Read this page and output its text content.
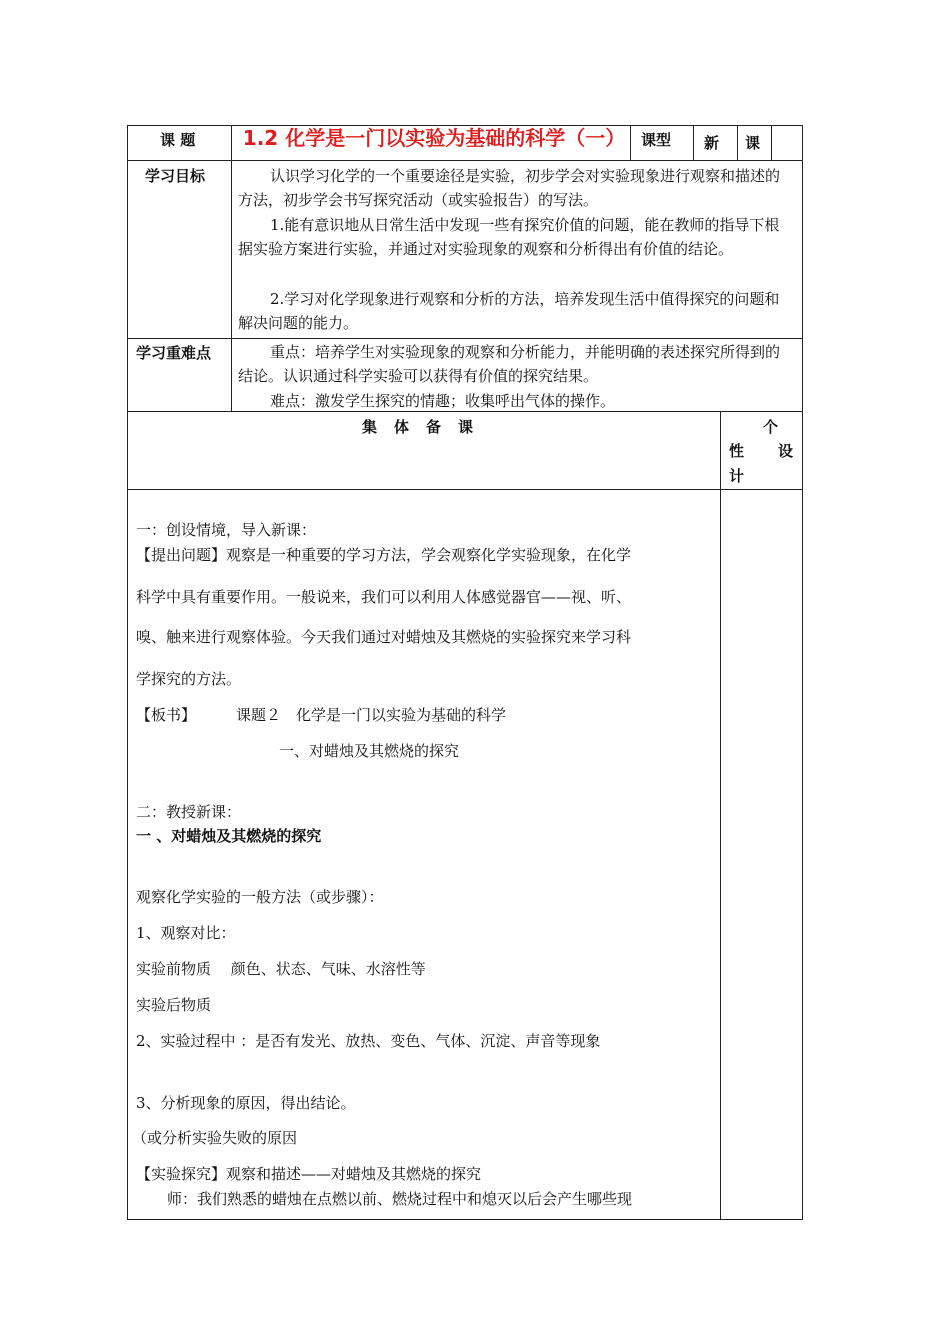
课 题 1.2 化学是一门以实验为基础的科学（一）	课型 新 课
学习目标	认识学习化学的一个重要途径是实验，初步学会对实验现象进行观察和描述的方法，初步学会书写探究活动（或实验报告）的写法。
1.能有意识地从日常生活中发现一些有探究价值的问题，能在教师的指导下根据实验方案进行实验，并通过对实验现象的观察和分析得出有价值的结论。
2.学习对化学现象进行观察和分析的方法，培养发现生活中值得探究的问题和解决问题的能力。
学习重难点	重点：培养学生对实验现象的观察和分析能力，并能明确的表述探究所得到的结论。认识通过科学实验可以获得有价值的探究结果。
难点：激发学生探究的情趣；收集呼出气体的操作。
集　体　备　课	个
性 设
计
一：创设情境，导入新课：
【提出问题】观察是一种重要的学习方法，学会观察化学实验现象，在化学
科学中具有重要作用。一般说来，我们可以利用人体感觉器官——视、听、
嗅、触来进行观察体验。今天我们通过对蜡烛及其燃烧的实验探究来学习科
学探究的方法。
【板书】	课题２　化学是一门以实验为基础的科学
一、对蜡烛及其燃烧的探究
二：教授新课：
一 、对蜡烛及其燃烧的探究
观察化学实验的一般方法（或步骤）：
1、观察对比：
实验前物质　 颜色、状态、气味、水溶性等
实验后物质
2、实验过程中 ：是否有发光、放热、变色、气体、沉淀、声音等现象
3、分析现象的原因，得出结论。
（或分析实验失败的原因
【实验探究】观察和描述——对蜡烛及其燃烧的探究
师：我们熟悉的蜡烛在点燃以前、燃烧过程中和熄灭以后会产生哪些现
